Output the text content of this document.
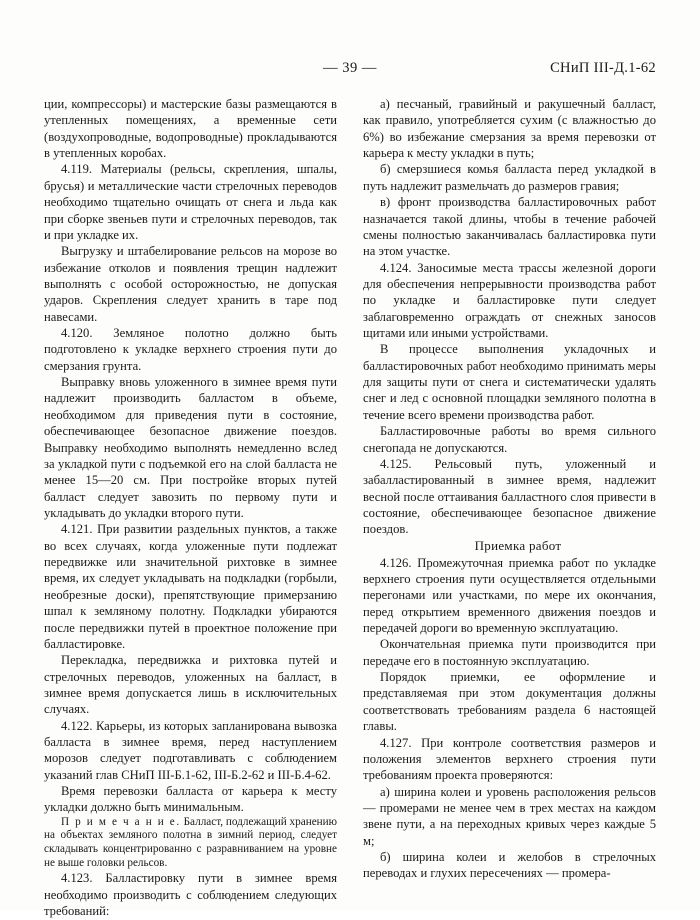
— 39 —	СНиП III-Д.1-62

ции, компрессоры) и мастерские базы размещаются в утепленных помещениях, а временные сети (воздухопроводные, водопроводные) прокладываются в утепленных коробах.

4.119. Материалы (рельсы, скрепления, шпалы, брусья) и металлические части стрелочных переводов необходимо тщательно очищать от снега и льда как при сборке звеньев пути и стрелочных переводов, так и при укладке их.

Выгрузку и штабелирование рельсов на морозе во избежание отколов и появления трещин надлежит выполнять с особой осторожностью, не допуская ударов. Скрепления следует хранить в таре под навесами.

4.120. Земляное полотно должно быть подготовлено к укладке верхнего строения пути до смерзания грунта.

Выправку вновь уложенного в зимнее время пути надлежит производить балластом в объеме, необходимом для приведения пути в состояние, обеспечивающее безопасное движение поездов. Выправку необходимо выполнять немедленно вслед за укладкой пути с подъемкой его на слой балласта не менее 15—20 см. При постройке вторых путей балласт следует завозить по первому пути и укладывать до укладки второго пути.

4.121. При развитии раздельных пунктов, а также во всех случаях, когда уложенные пути подлежат передвижке или значительной рихтовке в зимнее время, их следует укладывать на подкладки (горбыли, необрезные доски), препятствующие примерзанию шпал к земляному полотну. Подкладки убираются после передвижки путей в проектное положение при балластировке.

Перекладка, передвижка и рихтовка путей и стрелочных переводов, уложенных на балласт, в зимнее время допускается лишь в исключительных случаях.

4.122. Карьеры, из которых запланирована вывозка балласта в зимнее время, перед наступлением морозов следует подготавливать с соблюдением указаний глав СНиП III-Б.1-62, III-Б.2-62 и III-Б.4-62.

Время перевозки балласта от карьера к месту укладки должно быть минимальным.

П р и м е ч а н и е. Балласт, подлежащий хранению на объектах земляного полотна в зимний период, следует складывать концентрированно с разравниванием на уровне не выше головки рельсов.

4.123. Балластировку пути в зимнее время необходимо производить с соблюдением следующих требований:

а) песчаный, гравийный и ракушечный балласт, как правило, употребляется сухим (с влажностью до 6%) во избежание смерзания за время перевозки от карьера к месту укладки в путь;

б) смерзшиеся комья балласта перед укладкой в путь надлежит размельчать до размеров гравия;

в) фронт производства балластировочных работ назначается такой длины, чтобы в течение рабочей смены полностью заканчивалась балластировка пути на этом участке.

4.124. Заносимые места трассы железной дороги для обеспечения непрерывности производства работ по укладке и балластировке пути следует заблаговременно ограждать от снежных заносов щитами или иными устройствами.

В процессе выполнения укладочных и балластировочных работ необходимо принимать меры для защиты пути от снега и систематически удалять снег и лед с основной площадки земляного полотна в течение всего времени производства работ.

Балластировочные работы во время сильного снегопада не допускаются.

4.125. Рельсовый путь, уложенный и забалластированный в зимнее время, надлежит весной после оттаивания балластного слоя привести в состояние, обеспечивающее безопасное движение поездов.

Приемка работ

4.126. Промежуточная приемка работ по укладке верхнего строения пути осуществляется отдельными перегонами или участками, по мере их окончания, перед открытием временного движения поездов и передачей дороги во временную эксплуатацию.

Окончательная приемка пути производится при передаче его в постоянную эксплуатацию.

Порядок приемки, ее оформление и представляемая при этом документация должны соответствовать требованиям раздела 6 настоящей главы.

4.127. При контроле соответствия размеров и положения элементов верхнего строения пути требованиям проекта проверяются:

а) ширина колеи и уровень расположения рельсов — промерами не менее чем в трех местах на каждом звене пути, а на переходных кривых через каждые 5 м;

б) ширина колеи и желобов в стрелочных переводах и глухих пересечениях — промера-
